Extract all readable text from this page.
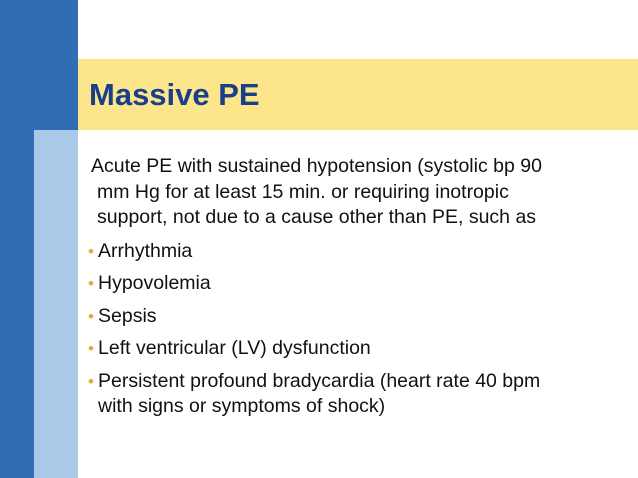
Massive PE
Acute PE with sustained hypotension (systolic bp 90
mm Hg for at least 15 min. or requiring inotropic
support, not due to a cause other than PE, such as
• Arrhythmia
• Hypovolemia
• Sepsis
• Left ventricular (LV) dysfunction
• Persistent profound bradycardia (heart rate 40 bpm
with signs or symptoms of shock)
